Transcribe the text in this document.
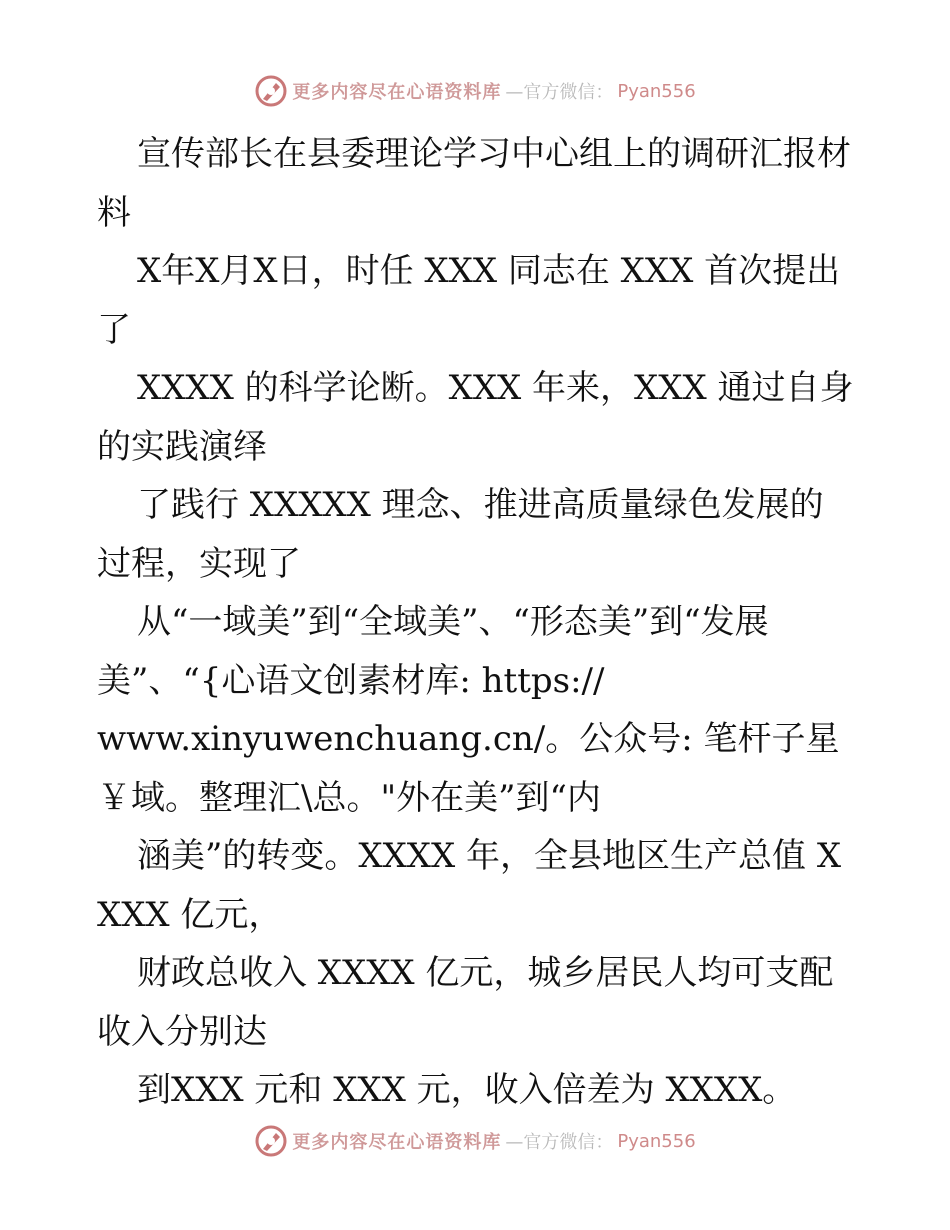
更多内容尽在心语资料库 —官方微信： Pyan556

宣传部长在县委理论学习中心组上的调研汇报材料

X年X月X日，时任 XXX 同志在 XXX 首次提出了

XXXX 的科学论断。XXX 年来，XXX 通过自身的实践演绎

了践行 XXXXX 理念、推进高质量绿色发展的过程，实现了

从“一域美”到“全域美”、“形态美”到“发展美”、“{心语文创素材库: https://

www.xinyuwenchuang.cn/。公众号: 笔杆子星

￥域。整理汇\总。"外在美”到“内

涵美”的转变。XXXX 年，全县地区生产总值 XXXX 亿元，

财政总收入 XXXX 亿元，城乡居民人均可支配收入分别达

到XXX 元和 XXX 元，收入倍差为 XXXX。

更多内容尽在心语资料库 —官方微信： Pyan556
